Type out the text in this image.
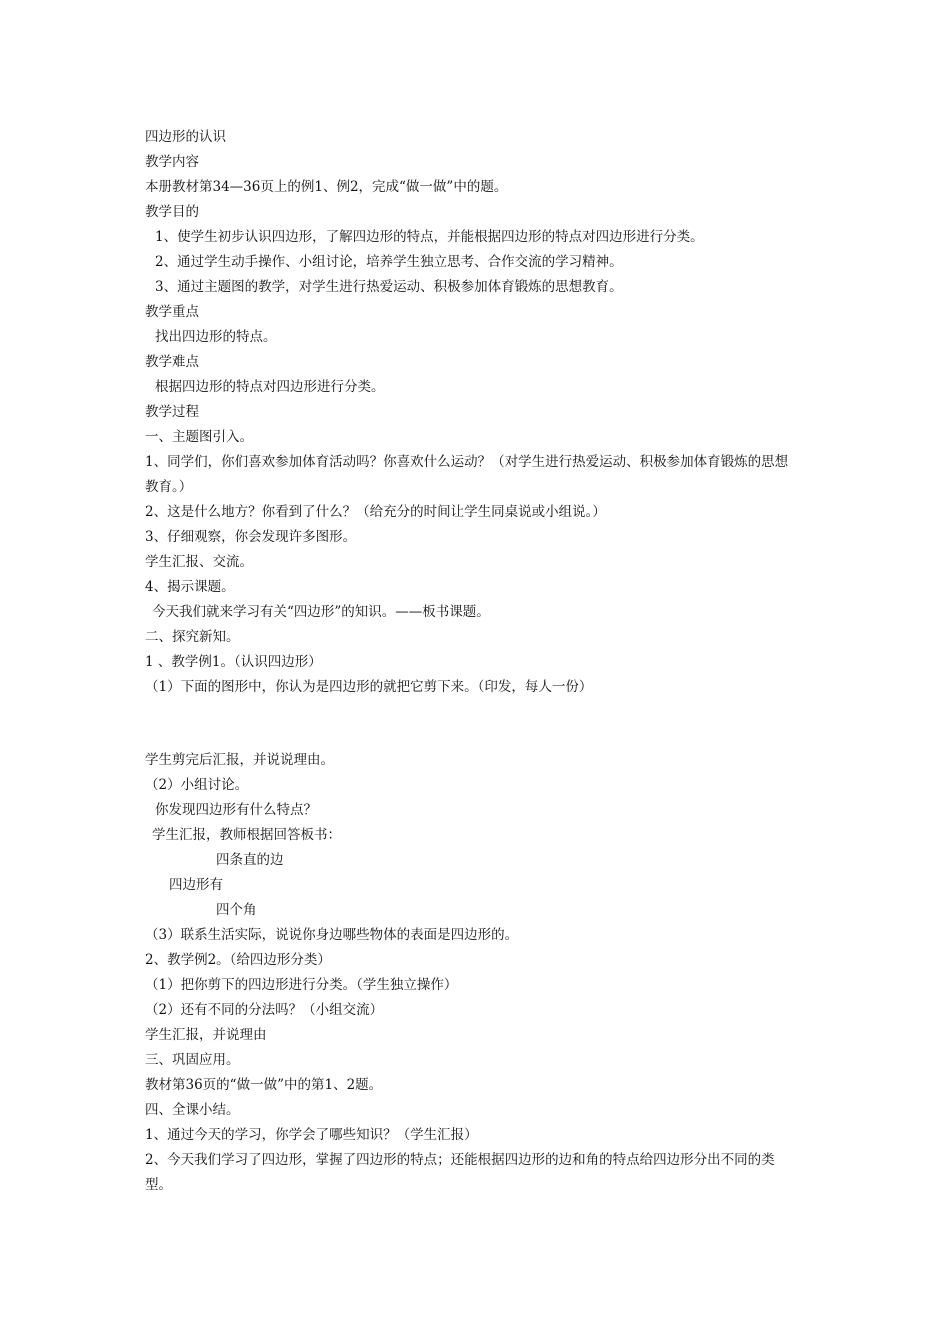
四边形的认识
教学内容
本册教材第34—36页上的例1、例2，完成“做一做”中的题。
教学目的
1、使学生初步认识四边形，了解四边形的特点，并能根据四边形的特点对四边形进行分类。
2、通过学生动手操作、小组讨论，培养学生独立思考、合作交流的学习精神。
3、通过主题图的教学，对学生进行热爱运动、积极参加体育锻炼的思想教育。
教学重点
找出四边形的特点。
教学难点
根据四边形的特点对四边形进行分类。
教学过程
一、主题图引入。
1、同学们，你们喜欢参加体育活动吗？你喜欢什么运动？（对学生进行热爱运动、积极参加体育锻炼的思想
教育。）
2、这是什么地方？你看到了什么？（给充分的时间让学生同桌说或小组说。）
3、仔细观察，你会发现许多图形。
学生汇报、交流。
4、揭示课题。
今天我们就来学习有关“四边形”的知识。——板书课题。
二、探究新知。
1 、教学例1。（认识四边形）
（1）下面的图形中，你认为是四边形的就把它剪下来。（印发，每人一份）
学生剪完后汇报，并说说理由。
（2）小组讨论。
你发现四边形有什么特点？
学生汇报，教师根据回答板书：
四条直的边
四边形有
四个角
（3）联系生活实际，说说你身边哪些物体的表面是四边形的。
2、教学例2。（给四边形分类）
（1）把你剪下的四边形进行分类。（学生独立操作）
（2）还有不同的分法吗？（小组交流）
学生汇报，并说理由
三、巩固应用。
教材第36页的“做一做”中的第1、2题。
四、全课小结。
1、通过今天的学习，你学会了哪些知识？（学生汇报）
2、今天我们学习了四边形，掌握了四边形的特点；还能根据四边形的边和角的特点给四边形分出不同的类
型。
